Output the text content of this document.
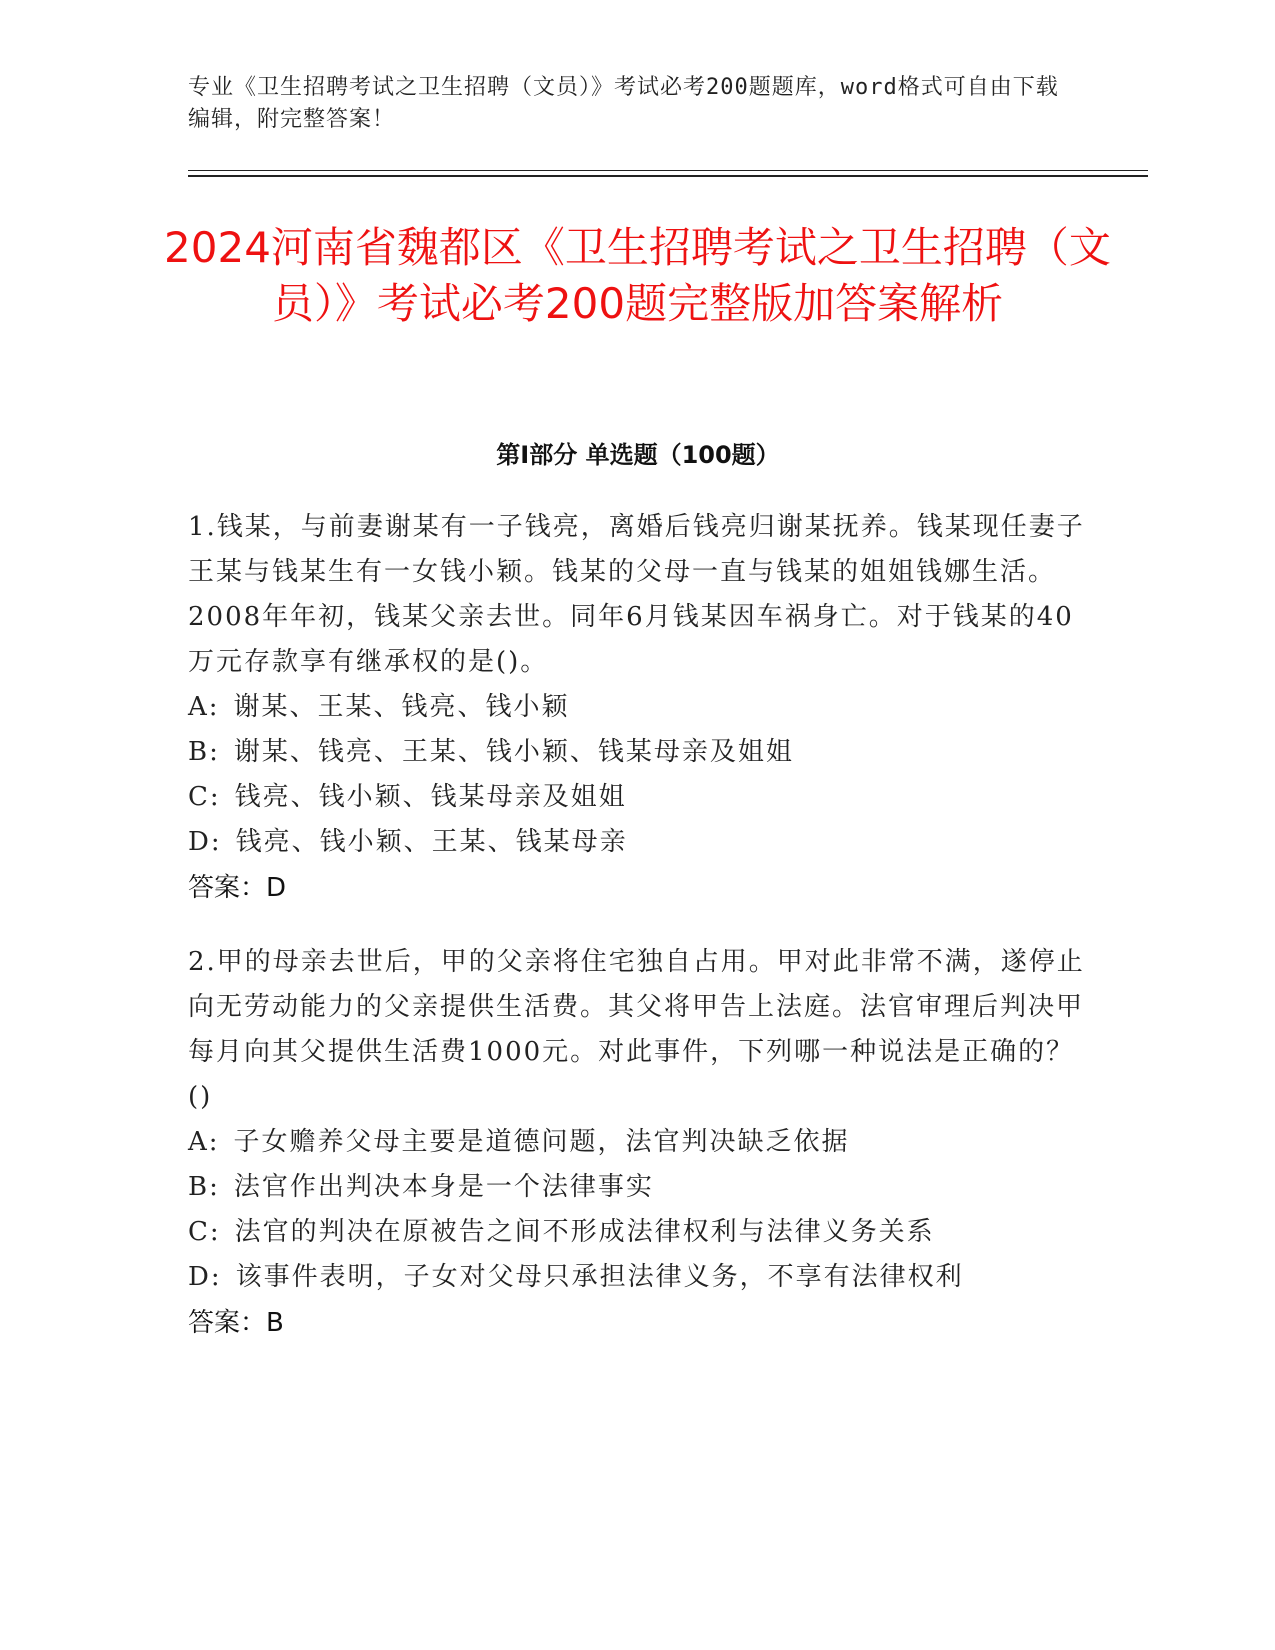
专业《卫生招聘考试之卫生招聘（文员）》考试必考200题题库，word格式可自由下载编辑，附完整答案！
2024河南省魏都区《卫生招聘考试之卫生招聘（文员）》考试必考200题完整版加答案解析
第Ⅰ部分 单选题（100题）

1.钱某，与前妻谢某有一子钱亮，离婚后钱亮归谢某抚养。钱某现任妻子王某与钱某生有一女钱小颖。钱某的父母一直与钱某的姐姐钱娜生活。2008年年初，钱某父亲去世。同年6月钱某因车祸身亡。对于钱某的40万元存款享有继承权的是()。

A: 谢某、王某、钱亮、钱小颖

B: 谢某、钱亮、王某、钱小颖、钱某母亲及姐姐

C: 钱亮、钱小颖、钱某母亲及姐姐

D: 钱亮、钱小颖、王某、钱某母亲

答案：D

2.甲的母亲去世后，甲的父亲将住宅独自占用。甲对此非常不满，遂停止向无劳动能力的父亲提供生活费。其父将甲告上法庭。法官审理后判决甲每月向其父提供生活费1000元。对此事件，下列哪一种说法是正确的？()

A: 子女赡养父母主要是道德问题，法官判决缺乏依据

B: 法官作出判决本身是一个法律事实

C: 法官的判决在原被告之间不形成法律权利与法律义务关系

D: 该事件表明，子女对父母只承担法律义务，不享有法律权利

答案：B
